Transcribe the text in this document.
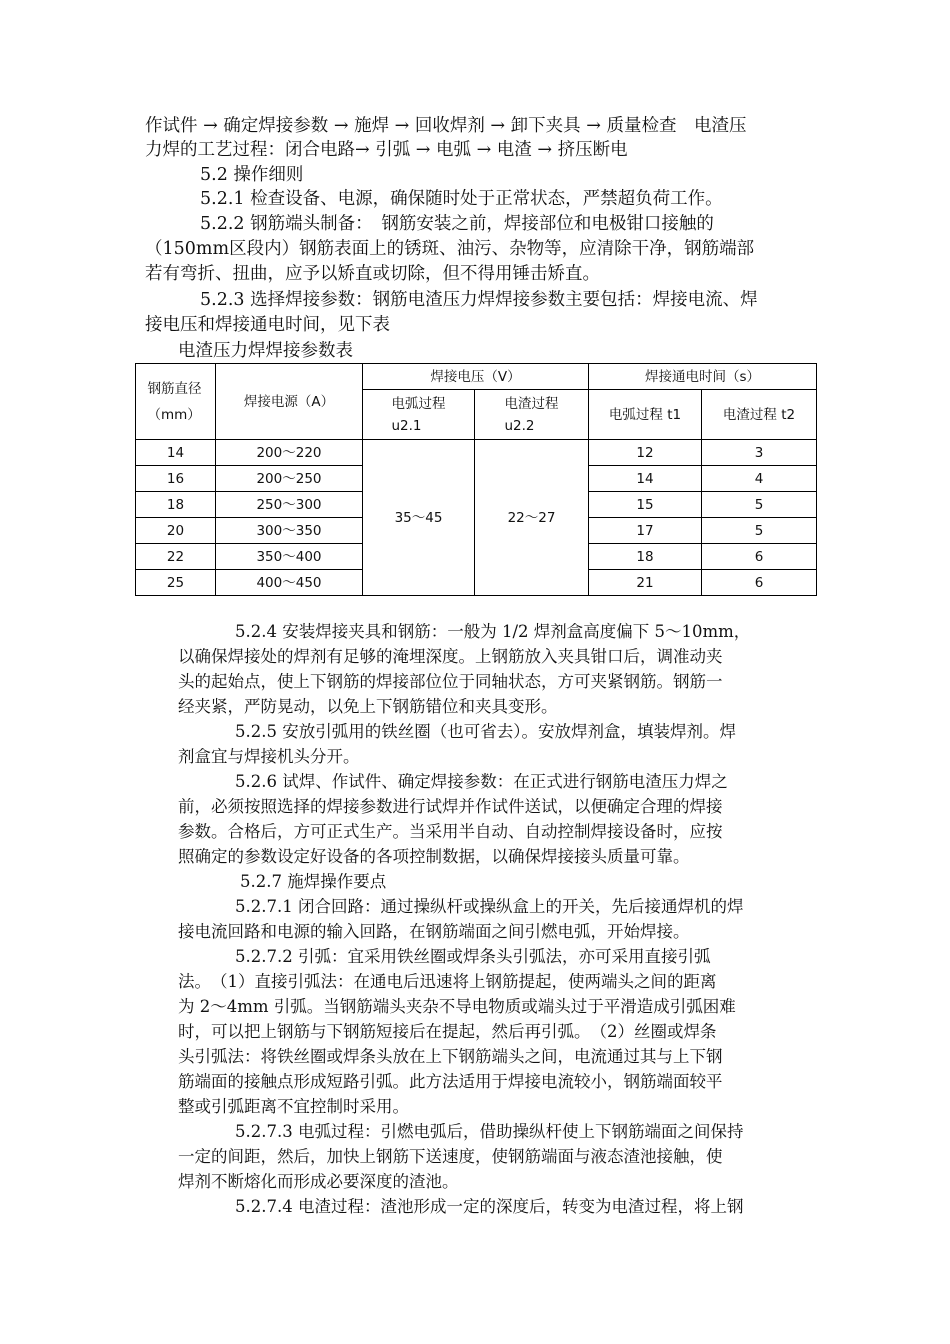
作试件 → 确定焊接参数 → 施焊 → 回收焊剂 → 卸下夹具 → 质量检查　电渣压
力焊的工艺过程：闭合电路→ 引弧 → 电弧 → 电渣 → 挤压断电
5.2 操作细则
5.2.1 检查设备、电源，确保随时处于正常状态，严禁超负荷工作。
5.2.2 钢筋端头制备：　钢筋安装之前，焊接部位和电极钳口接触的
（150mm区段内）钢筋表面上的锈斑、油污、杂物等，应清除干净，钢筋端部
若有弯折、扭曲，应予以矫直或切除，但不得用锤击矫直。
5.2.3 选择焊接参数：钢筋电渣压力焊焊接参数主要包括：焊接电流、焊
接电压和焊接通电时间，见下表
电渣压力焊焊接参数表
钢筋直径（mm）	焊接电源（A）	焊接电压（V）		焊接通电时间（s）	

		电弧过程 u2.1	电渣过程 u2.2	电弧过程 t1	电渣过程 t2
14	200～220	35～45	22～27	12	3
16	200～250			14	4
18	250～300			15	5
20	300～350			17	5
22	350～400			18	6
25	400～450			21	6
5.2.4 安装焊接夹具和钢筋：一般为 1/2 焊剂盒高度偏下 5～10mm，
以确保焊接处的焊剂有足够的淹埋深度。上钢筋放入夹具钳口后，调准动夹
头的起始点，使上下钢筋的焊接部位位于同轴状态，方可夹紧钢筋。钢筋一
经夹紧，严防晃动，以免上下钢筋错位和夹具变形。
5.2.5 安放引弧用的铁丝圈（也可省去）。安放焊剂盒，填装焊剂。焊
剂盒宜与焊接机头分开。
5.2.6 试焊、作试件、确定焊接参数：在正式进行钢筋电渣压力焊之
前，必须按照选择的焊接参数进行试焊并作试件送试，以便确定合理的焊接
参数。合格后，方可正式生产。当采用半自动、自动控制焊接设备时，应按
照确定的参数设定好设备的各项控制数据，以确保焊接接头质量可靠。
5.2.7 施焊操作要点
5.2.7.1 闭合回路：通过操纵杆或操纵盒上的开关，先后接通焊机的焊
接电流回路和电源的输入回路，在钢筋端面之间引燃电弧，开始焊接。
5.2.7.2 引弧：宜采用铁丝圈或焊条头引弧法，亦可采用直接引弧
法。　（1）直接引弧法：在通电后迅速将上钢筋提起，使两端头之间的距离
为 2～4mm 引弧。当钢筋端头夹杂不导电物质或端头过于平滑造成引弧困难
时，可以把上钢筋与下钢筋短接后在提起，然后再引弧。　（2）丝圈或焊条
头引弧法：将铁丝圈或焊条头放在上下钢筋端头之间，电流通过其与上下钢
筋端面的接触点形成短路引弧。此方法适用于焊接电流较小，钢筋端面较平
整或引弧距离不宜控制时采用。
5.2.7.3 电弧过程：引燃电弧后，借助操纵杆使上下钢筋端面之间保持
一定的间距，然后，加快上钢筋下送速度，使钢筋端面与液态渣池接触，使
焊剂不断熔化而形成必要深度的渣池。
5.2.7.4 电渣过程：渣池形成一定的深度后，转变为电渣过程，将上钢
